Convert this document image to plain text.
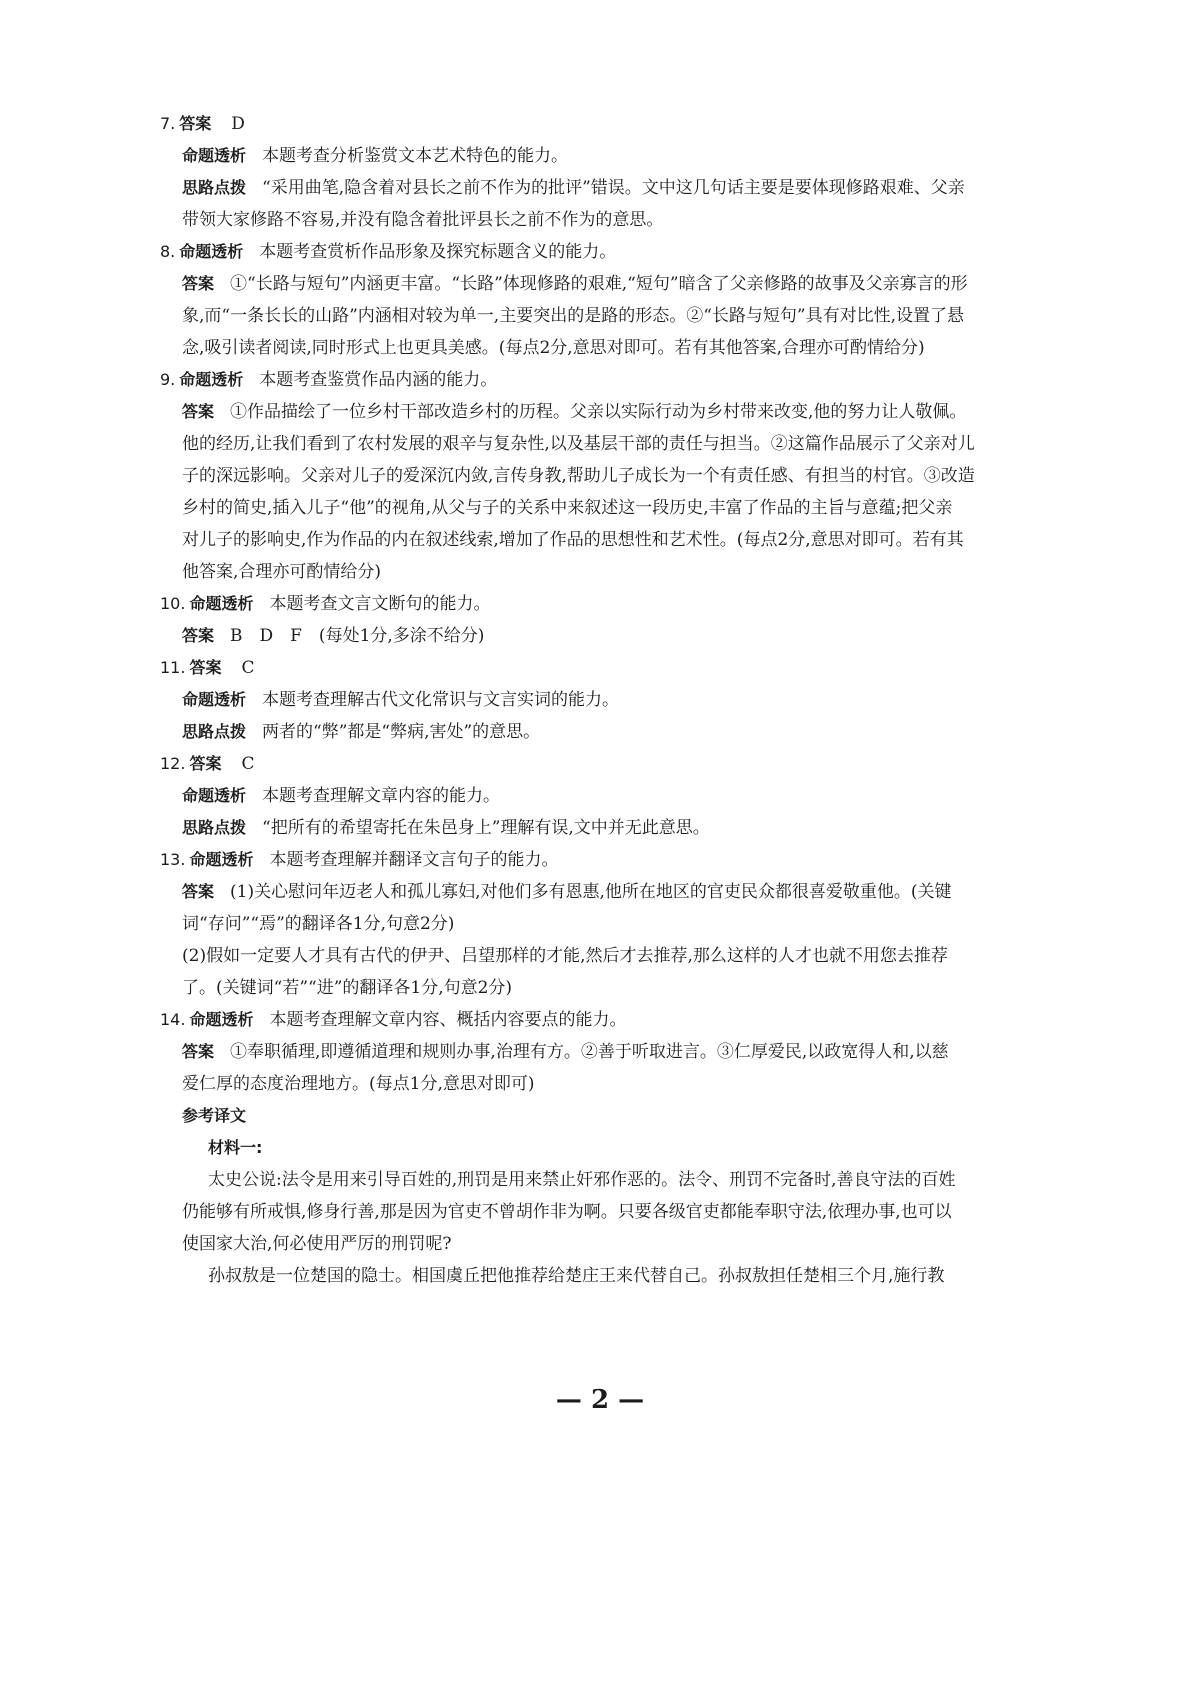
7. 答案 D
命题透析 本题考查分析鉴赏文本艺术特色的能力。
思路点拨 “采用曲笔,隐含着对县长之前不作为的批评”错误。文中这几句话主要是要体现修路艰难、父亲
带领大家修路不容易,并没有隐含着批评县长之前不作为的意思。
8. 命题透析 本题考查赏析作品形象及探究标题含义的能力。
答案 ①“长路与短句”内涵更丰富。“长路”体现修路的艰难,“短句”暗含了父亲修路的故事及父亲寡言的形
象,而“一条长长的山路”内涵相对较为单一,主要突出的是路的形态。②“长路与短句”具有对比性,设置了悬
念,吸引读者阅读,同时形式上也更具美感。(每点2分,意思对即可。若有其他答案,合理亦可酌情给分)
9. 命题透析 本题考查鉴赏作品内涵的能力。
答案 ①作品描绘了一位乡村干部改造乡村的历程。父亲以实际行动为乡村带来改变,他的努力让人敬佩。
他的经历,让我们看到了农村发展的艰辛与复杂性,以及基层干部的责任与担当。②这篇作品展示了父亲对儿
子的深远影响。父亲对儿子的爱深沉内敛,言传身教,帮助儿子成长为一个有责任感、有担当的村官。③改造
乡村的简史,插入儿子“他”的视角,从父与子的关系中来叙述这一段历史,丰富了作品的主旨与意蕴;把父亲
对儿子的影响史,作为作品的内在叙述线索,增加了作品的思想性和艺术性。(每点2分,意思对即可。若有其
他答案,合理亦可酌情给分)
10. 命题透析 本题考查文言文断句的能力。
答案 B　D　F　(每处1分,多涂不给分)
11. 答案 C
命题透析 本题考查理解古代文化常识与文言实词的能力。
思路点拨 两者的“弊”都是“弊病,害处”的意思。
12. 答案 C
命题透析 本题考查理解文章内容的能力。
思路点拨 “把所有的希望寄托在朱邑身上”理解有误,文中并无此意思。
13. 命题透析 本题考查理解并翻译文言句子的能力。
答案 (1)关心慰问年迈老人和孤儿寡妇,对他们多有恩惠,他所在地区的官吏民众都很喜爱敬重他。(关键
词“存问”“焉”的翻译各1分,句意2分)
(2)假如一定要人才具有古代的伊尹、吕望那样的才能,然后才去推荐,那么这样的人才也就不用您去推荐
了。(关键词“若”“进”的翻译各1分,句意2分)
14. 命题透析 本题考查理解文章内容、概括内容要点的能力。
答案 ①奉职循理,即遵循道理和规则办事,治理有方。②善于听取进言。③仁厚爱民,以政宽得人和,以慈
爱仁厚的态度治理地方。(每点1分,意思对即可)
参考译文
材料一:
太史公说:法令是用来引导百姓的,刑罚是用来禁止奸邪作恶的。法令、刑罚不完备时,善良守法的百姓
仍能够有所戒惧,修身行善,那是因为官吏不曾胡作非为啊。只要各级官吏都能奉职守法,依理办事,也可以
使国家大治,何必使用严厉的刑罚呢?
孙叔敖是一位楚国的隐士。相国虞丘把他推荐给楚庄王来代替自己。孙叔敖担任楚相三个月,施行教
— 2 —
